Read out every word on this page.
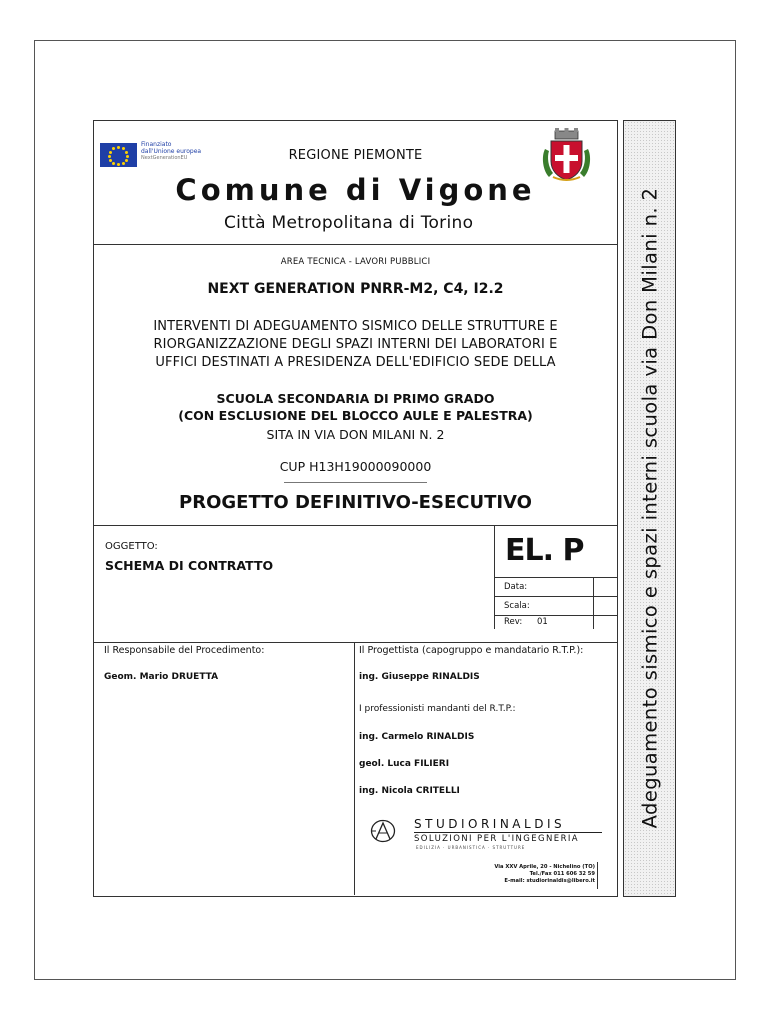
Finanziato
dall'Unione europea
NextGenerationEU	REGIONE PIEMONTE
Comune di Vigone
Città Metropolitana di Torino
AREA TECNICA - LAVORI PUBBLICI
NEXT GENERATION PNRR-M2, C4, I2.2
INTERVENTI DI ADEGUAMENTO SISMICO DELLE STRUTTURE E
RIORGANIZZAZIONE DEGLI SPAZI INTERNI DEI LABORATORI E
UFFICI DESTINATI A PRESIDENZA DELL'EDIFICIO SEDE DELLA
SCUOLA SECONDARIA DI PRIMO GRADO
(CON ESCLUSIONE DEL BLOCCO AULE E PALESTRA)
SITA IN VIA DON MILANI N. 2
CUP H13H19000090000
PROGETTO DEFINITIVO-ESECUTIVO
OGGETTO:
SCHEMA DI CONTRATTO	EL. P
Data:
Scala:
Rev: 01
Il Responsabile del Procedimento:
Geom. Mario DRUETTA
Il Progettista (capogruppo e mandatario R.T.P.):
ing. Giuseppe RINALDIS
I professionisti mandanti del R.T.P.:
ing. Carmelo RINALDIS
geol. Luca FILIERI
ing. Nicola CRITELLI
STUDIORINALDIS
SOLUZIONI PER L'INGEGNERIA
EDILIZIA · URBANISTICA · STRUTTURE
Via XXV Aprile, 20 - Nichelino (TO)
Tel./Fax 011 606 32 59
E-mail: studiorinaldis@libero.it
Adeguamento sismico e spazi interni scuola via Don Milani n. 2
